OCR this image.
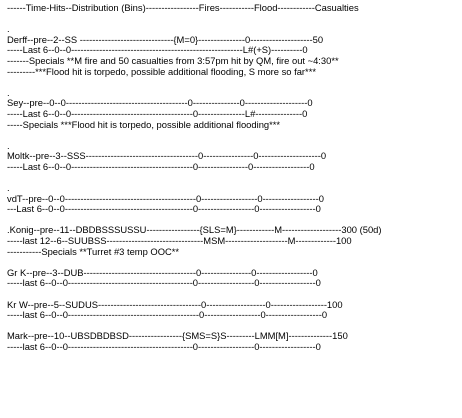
------Time-Hits--Distribution (Bins)-----------------Fires-----------Flood------------Casualties
.
Derff--pre--2--SS ------------------------------{M=0}---------------0--------------------50
-----Last 6--0--0-------------------------------------------------------L#(+S)----------0
-------Specials **M fire and 50 casualties from 3:57pm hit by QM, fire out ~4:30**
---------***Flood hit is torpedo, possible additional flooding, S more so far***
.
Sey--pre--0--0---------------------------------------0---------------0--------------------0
-----Last 6--0--0---------------------------------------0---------------L#---------------0
-----Specials ***Flood hit is torpedo, possible additional flooding***
.
Moltk--pre--3--SSS------------------------------------0----------------0--------------------0
-----Last 6--0--0---------------------------------------0----------------0------------------0
.
vdT--pre--0--0------------------------------------------0------------------0------------------0
---Last 6--0--0-----------------------------------------0------------------0------------------0
.Konig--pre--11--DBDBSSSUSSU-----------------{SLS=M}------------M-------------------300 (50d)
-----last 12--6--SUUBSS-------------------------------MSM--------------------M-------------100
-----------Specials **Turret #3 temp OOC**
Gr K--pre--3--DUB------------------------------------0----------------0------------------0
-----last 6--0--0----------------------------------------0------------------0------------------0
Kr W--pre--5--SUDUS---------------------------------0-------------------0------------------100
-----last 6--0--0------------------------------------------0------------------0------------------0
Mark--pre--10--UBSDBDBSD-----------------{SMS=S}S---------LMM[M]--------------150
-----last 6--0--0----------------------------------------0------------------0------------------0
